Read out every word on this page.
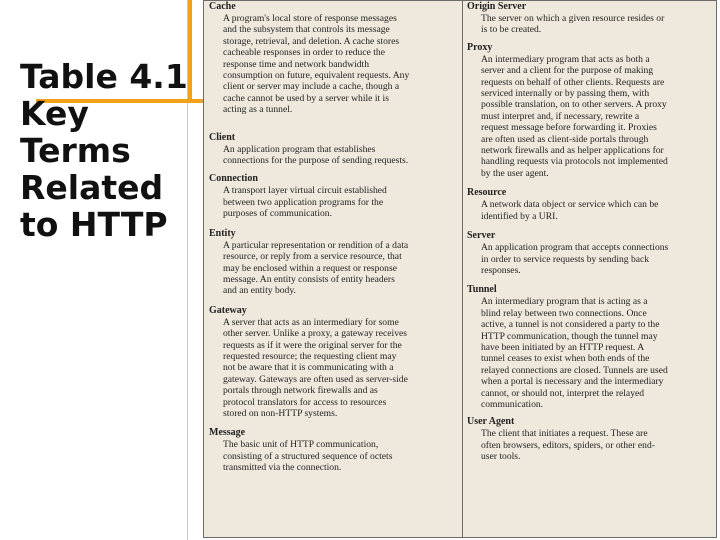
Table 4.1
Key
Terms
Related
to HTTP
Cache
A program's local store of response messages
and the subsystem that controls its message
storage, retrieval, and deletion. A cache stores
cacheable responses in order to reduce the
response time and network bandwidth
consumption on future, equivalent requests. Any
client or server may include a cache, though a
cache cannot be used by a server while it is
acting as a tunnel.
Client
An application program that establishes
connections for the purpose of sending requests.
Connection
A transport layer virtual circuit established
between two application programs for the
purposes of communication.
Entity
A particular representation or rendition of a data
resource, or reply from a service resource, that
may be enclosed within a request or response
message. An entity consists of entity headers
and an entity body.
Gateway
A server that acts as an intermediary for some
other server. Unlike a proxy, a gateway receives
requests as if it were the original server for the
requested resource; the requesting client may
not be aware that it is communicating with a
gateway. Gateways are often used as server-side
portals through network firewalls and as
protocol translators for access to resources
stored on non-HTTP systems.
Message
The basic unit of HTTP communication,
consisting of a structured sequence of octets
transmitted via the connection.
Origin Server
The server on which a given resource resides or
is to be created.
Proxy
An intermediary program that acts as both a
server and a client for the purpose of making
requests on behalf of other clients. Requests are
serviced internally or by passing them, with
possible translation, on to other servers. A proxy
must interpret and, if necessary, rewrite a
request message before forwarding it. Proxies
are often used as client-side portals through
network firewalls and as helper applications for
handling requests via protocols not implemented
by the user agent.
Resource
A network data object or service which can be
identified by a URI.
Server
An application program that accepts connections
in order to service requests by sending back
responses.
Tunnel
An intermediary program that is acting as a
blind relay between two connections. Once
active, a tunnel is not considered a party to the
HTTP communication, though the tunnel may
have been initiated by an HTTP request. A
tunnel ceases to exist when both ends of the
relayed connections are closed. Tunnels are used
when a portal is necessary and the intermediary
cannot, or should not, interpret the relayed
communication.
User Agent
The client that initiates a request. These are
often browsers, editors, spiders, or other end-
user tools.
